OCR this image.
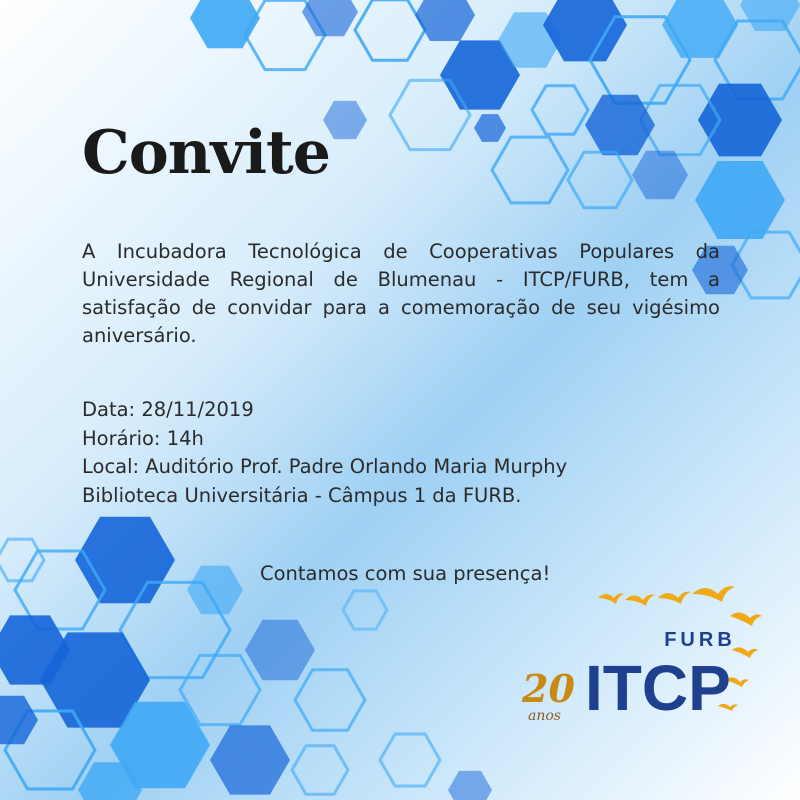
Convite

A Incubadora Tecnológica de Cooperativas Populares da Universidade Regional de Blumenau - ITCP/FURB, tem a satisfação de convidar para a comemoração de seu vigésimo aniversário.

Data: 28/11/2019

Horário: 14h

Local: Auditório Prof. Padre Orlando Maria Murphy

Biblioteca Universitária - Câmpus 1 da FURB.

Contamos com sua presença!

FURB
ITCP
20
anos
